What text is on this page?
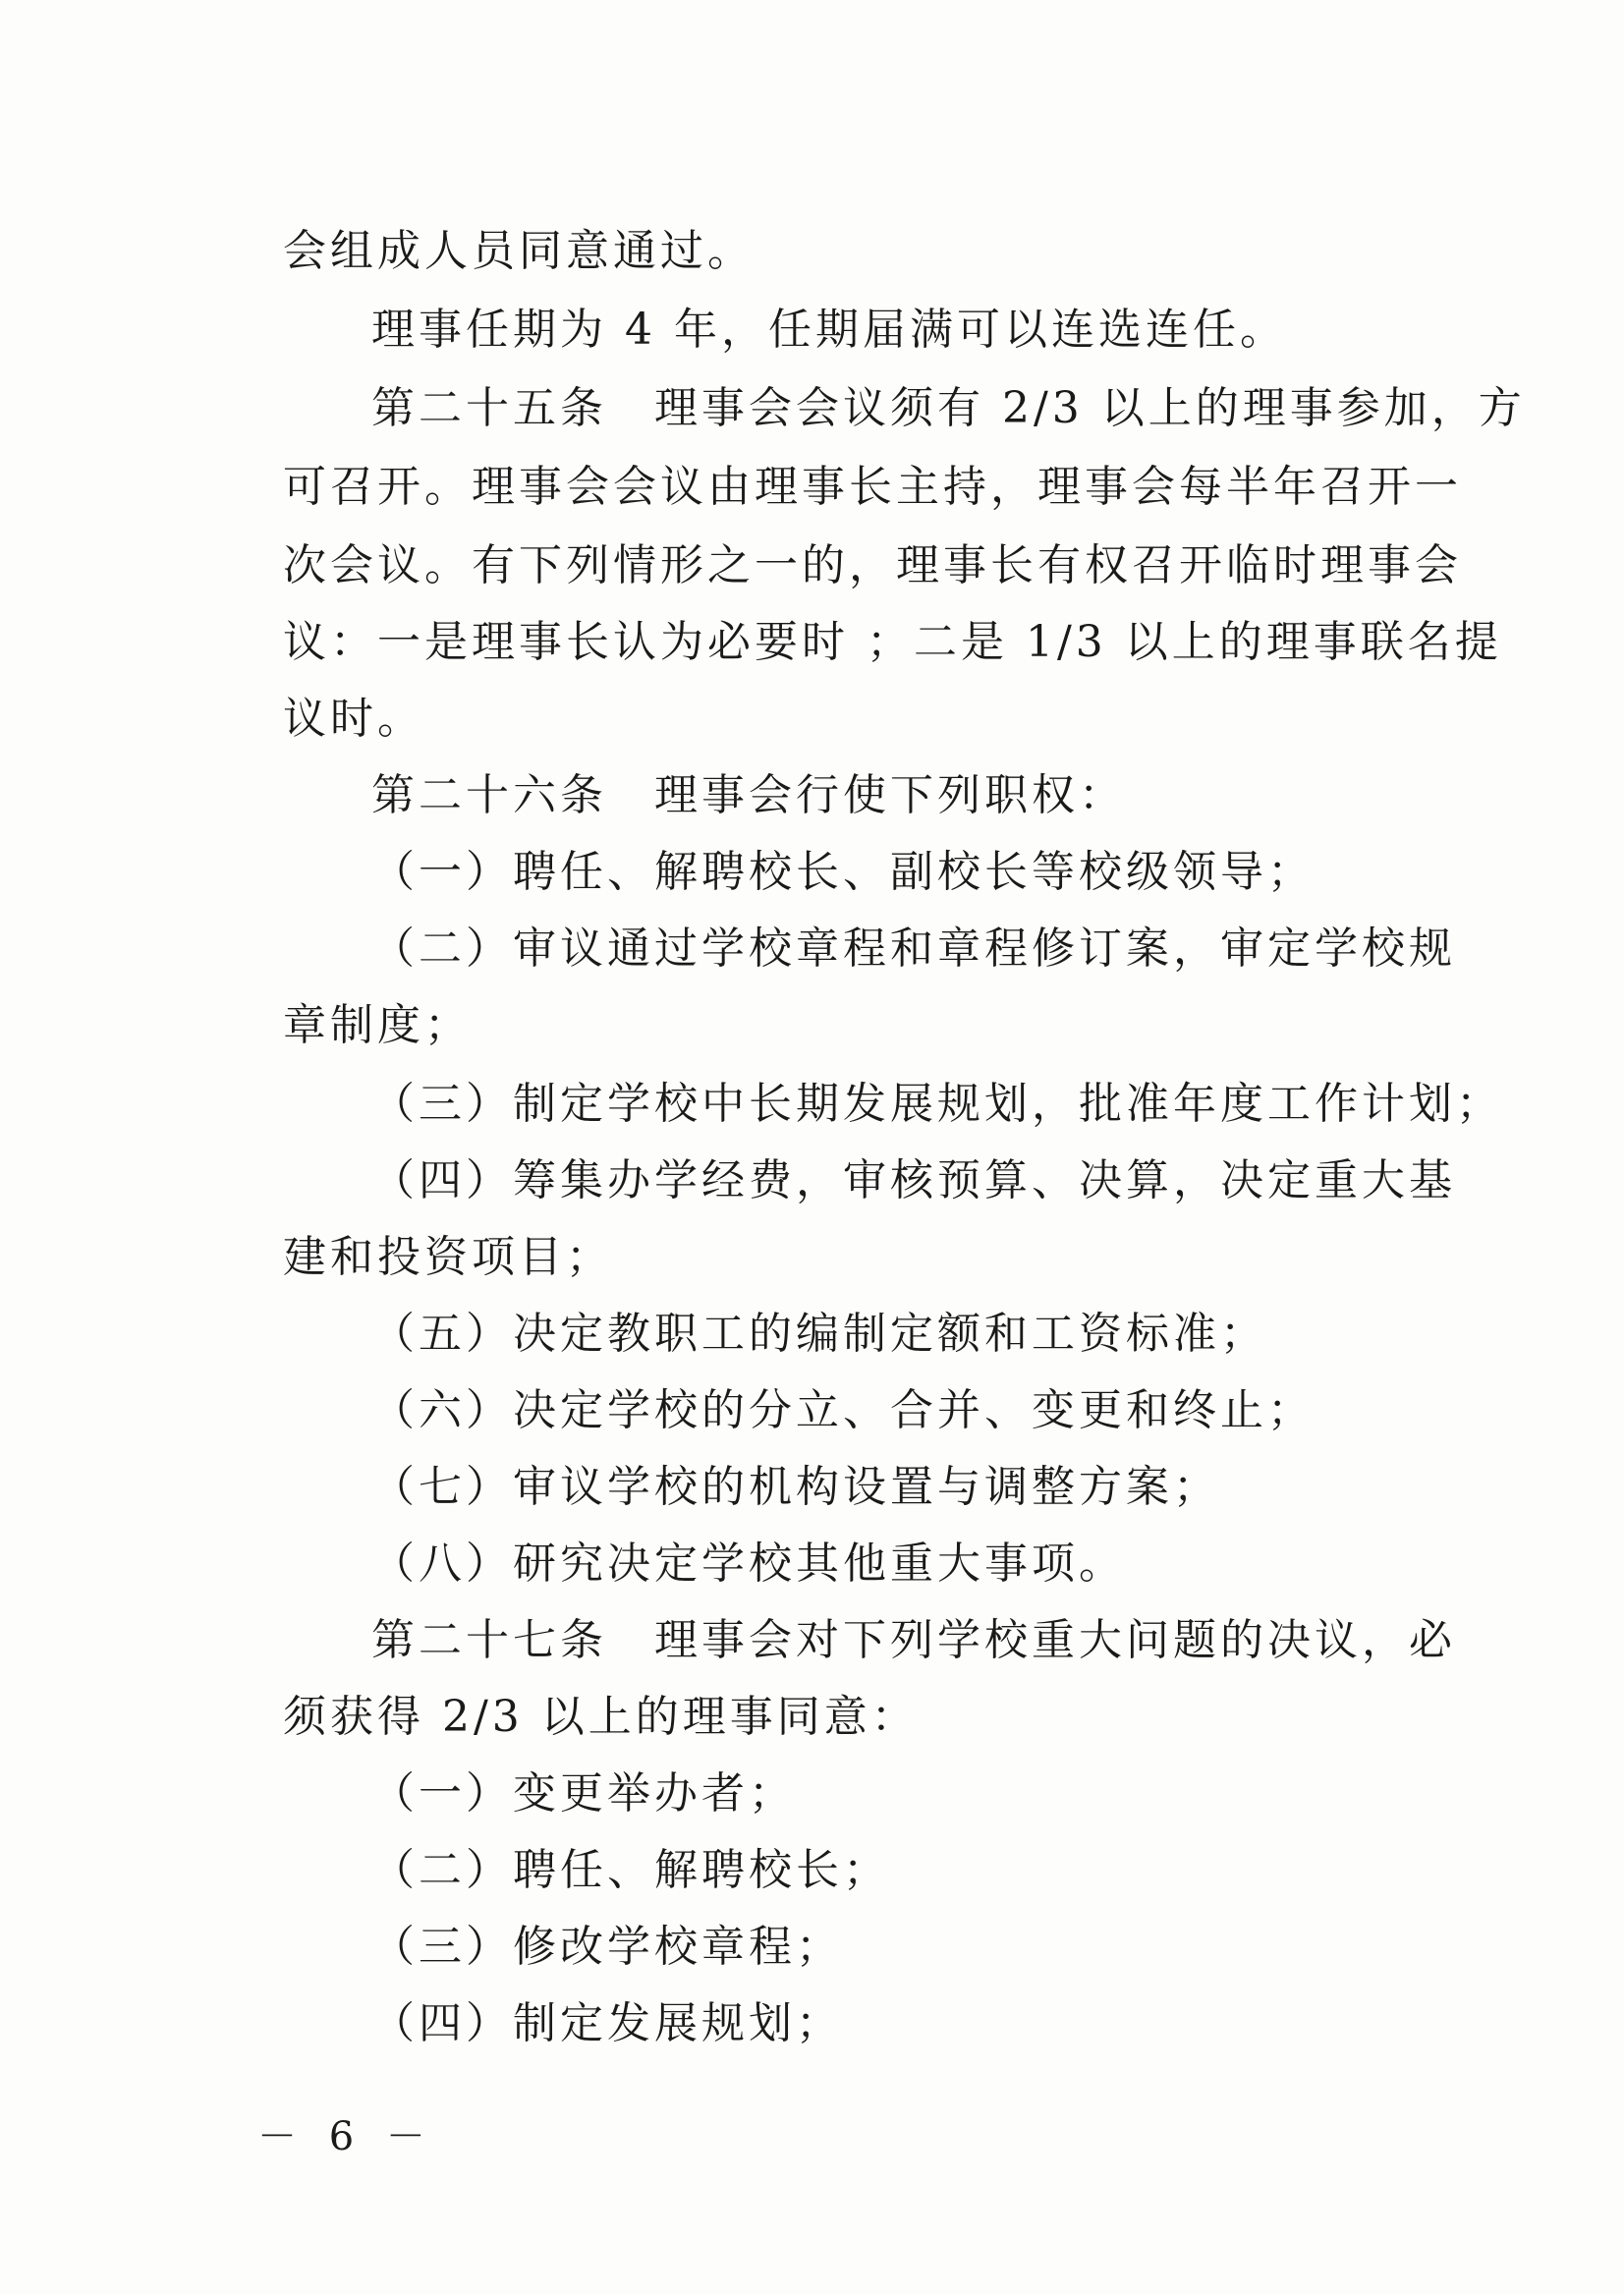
会组成人员同意通过。
理事任期为 4 年，任期届满可以连选连任。
第二十五条　理事会会议须有 2/3 以上的理事参加，方
可召开。理事会会议由理事长主持，理事会每半年召开一
次会议。有下列情形之一的，理事长有权召开临时理事会
议：一是理事长认为必要时 ；二是 1/3 以上的理事联名提
议时。
第二十六条　理事会行使下列职权：
（一）聘任、解聘校长、副校长等校级领导；
（二）审议通过学校章程和章程修订案，审定学校规
章制度；
（三）制定学校中长期发展规划，批准年度工作计划；
（四）筹集办学经费，审核预算、决算，决定重大基
建和投资项目；
（五）决定教职工的编制定额和工资标准；
（六）决定学校的分立、合并、变更和终止；
（七）审议学校的机构设置与调整方案；
（八）研究决定学校其他重大事项。
第二十七条　理事会对下列学校重大问题的决议，必
须获得 2/3 以上的理事同意：
（一）变更举办者；
（二）聘任、解聘校长；
（三）修改学校章程；
（四）制定发展规划；
－ 6 －
